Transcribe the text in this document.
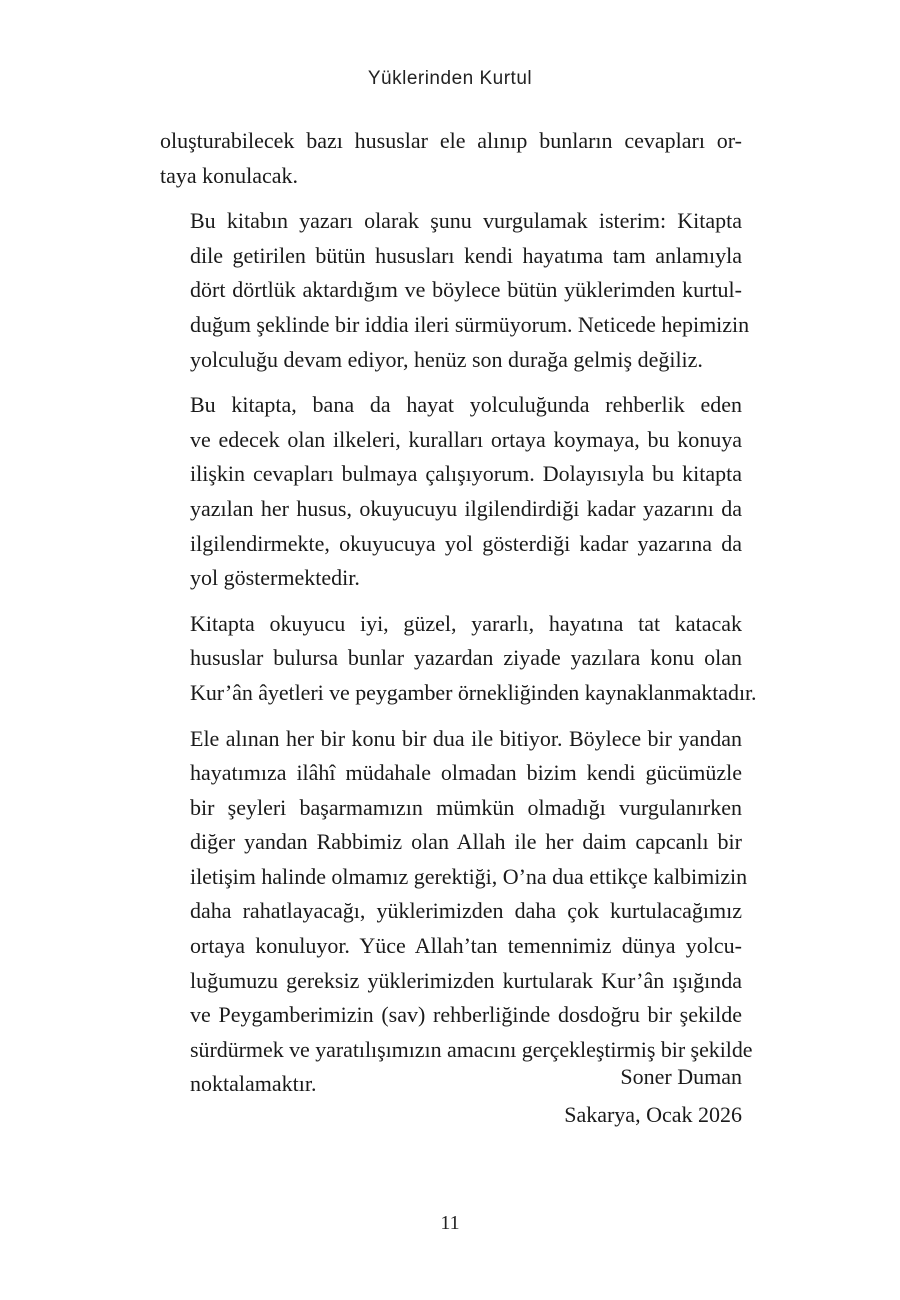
Yüklerinden Kurtul

oluşturabilecek bazı hususlar ele alınıp bunların cevapları or-
taya konulacak.

Bu kitabın yazarı olarak şunu vurgulamak isterim: Kitapta
dile getirilen bütün hususları kendi hayatıma tam anlamıyla
dört dörtlük aktardığım ve böylece bütün yüklerimden kurtul-
duğum şeklinde bir iddia ileri sürmüyorum. Neticede hepimizin
yolculuğu devam ediyor, henüz son durağa gelmiş değiliz.

Bu kitapta, bana da hayat yolculuğunda rehberlik eden
ve edecek olan ilkeleri, kuralları ortaya koymaya, bu konuya
ilişkin cevapları bulmaya çalışıyorum. Dolayısıyla bu kitapta
yazılan her husus, okuyucuyu ilgilendirdiği kadar yazarını da
ilgilendirmekte, okuyucuya yol gösterdiği kadar yazarına da
yol göstermektedir.

Kitapta okuyucu iyi, güzel, yararlı, hayatına tat katacak
hususlar bulursa bunlar yazardan ziyade yazılara konu olan
Kur’ân âyetleri ve peygamber örnekliğinden kaynaklanmaktadır.

Ele alınan her bir konu bir dua ile bitiyor. Böylece bir yandan
hayatımıza ilâhî müdahale olmadan bizim kendi gücümüzle
bir şeyleri başarmamızın mümkün olmadığı vurgulanırken
diğer yandan Rabbimiz olan Allah ile her daim capcanlı bir
iletişim halinde olmamız gerektiği, O’na dua ettikçe kalbimizin
daha rahatlayacağı, yüklerimizden daha çok kurtulacağımız
ortaya konuluyor. Yüce Allah’tan temennimiz dünya yolcu-
luğumuzu gereksiz yüklerimizden kurtularak Kur’ân ışığında
ve Peygamberimizin (sav) rehberliğinde dosdoğru bir şekilde
sürdürmek ve yaratılışımızın amacını gerçekleştirmiş bir şekilde
noktalamaktır.	Soner Duman
Sakarya, Ocak 2026
11
